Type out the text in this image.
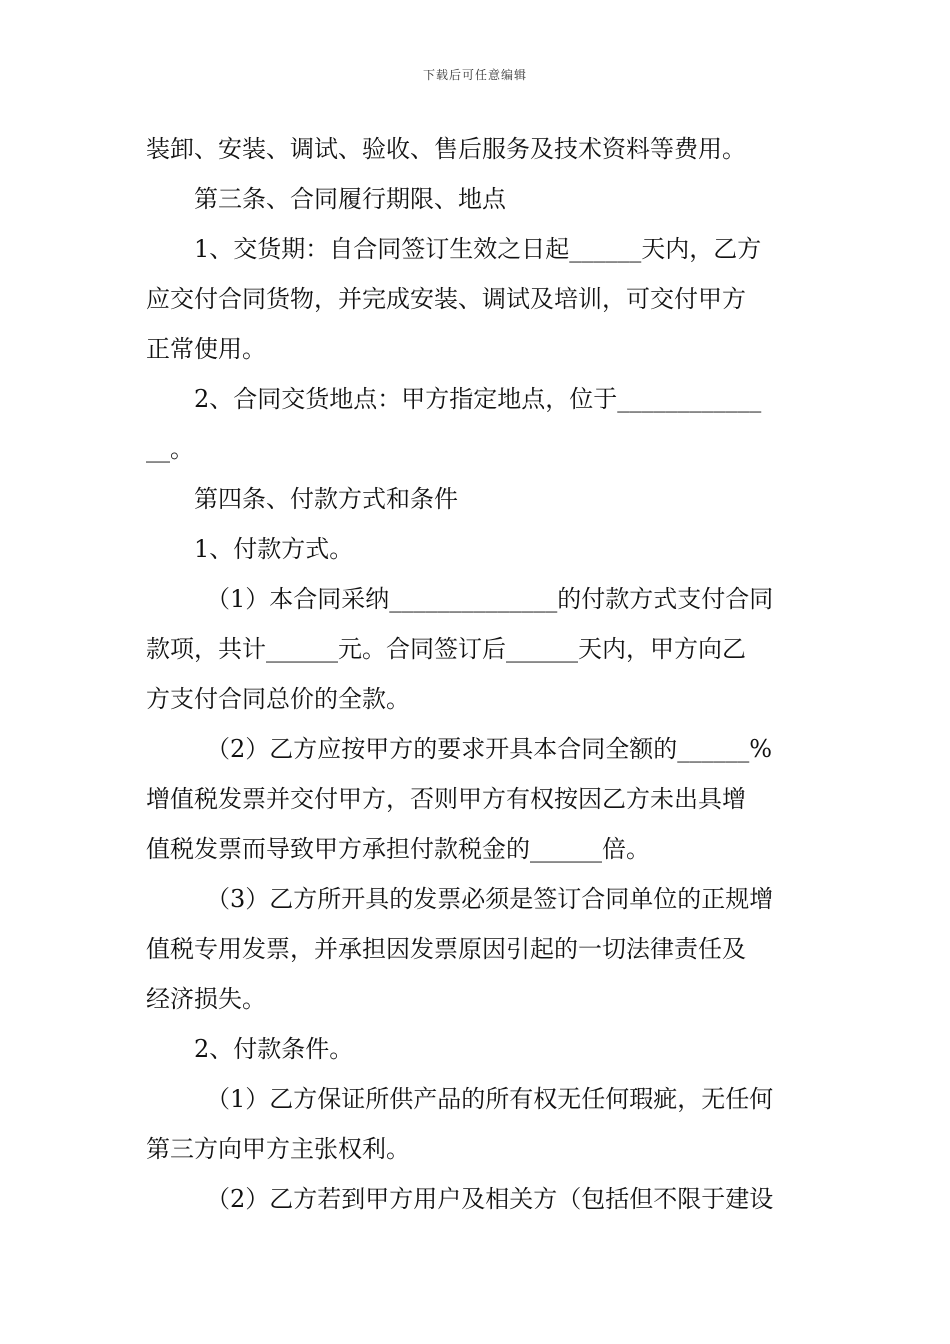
下载后可任意编辑
装卸、安装、调试、验收、售后服务及技术资料等费用。
第三条、合同履行期限、地点
1、交货期：自合同签订生效之日起______天内，乙方
应交付合同货物，并完成安装、调试及培训，可交付甲方
正常使用。
2、合同交货地点：甲方指定地点，位于____________
__。
第四条、付款方式和条件
1、付款方式。
（1）本合同采纳______________的付款方式支付合同
款项，共计______元。合同签订后______天内，甲方向乙
方支付合同总价的全款。
（2）乙方应按甲方的要求开具本合同全额的______%
增值税发票并交付甲方，否则甲方有权按因乙方未出具增
值税发票而导致甲方承担付款税金的______倍。
（3）乙方所开具的发票必须是签订合同单位的正规增
值税专用发票，并承担因发票原因引起的一切法律责任及
经济损失。
2、付款条件。
（1）乙方保证所供产品的所有权无任何瑕疵，无任何
第三方向甲方主张权利。
（2）乙方若到甲方用户及相关方（包括但不限于建设
